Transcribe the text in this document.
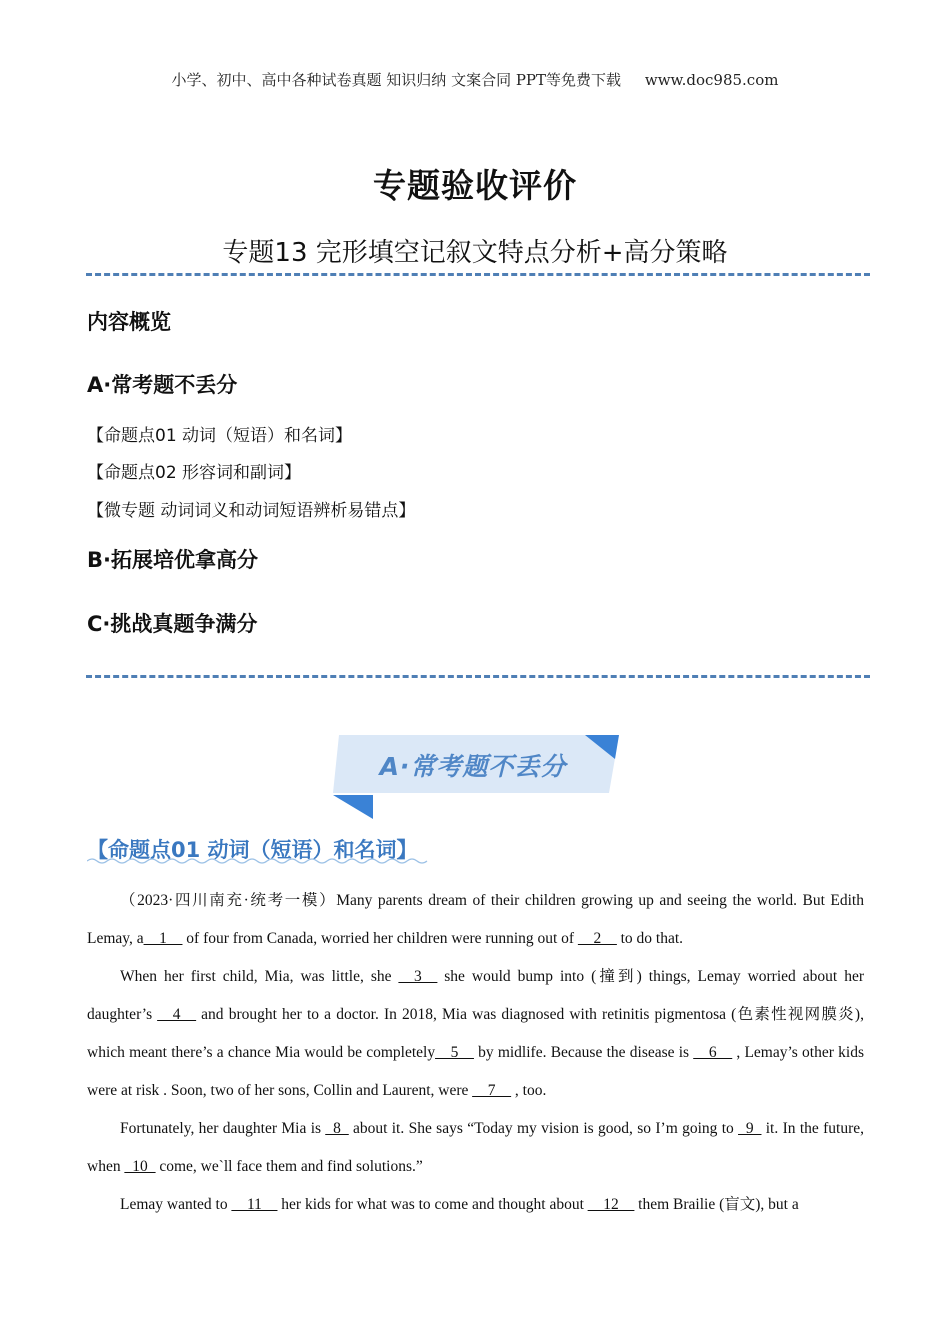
小学、初中、高中各种试卷真题 知识归纳 文案合同 PPT等免费下载     www.doc985.com
专题验收评价
专题13 完形填空记叙文特点分析+高分策略
内容概览
A·常考题不丢分
【命题点01 动词（短语）和名词】
【命题点02 形容词和副词】
【微专题 动词词义和动词短语辨析易错点】
B·拓展培优拿高分
C·挑战真题争满分
A·常考题不丢分
【命题点01 动词（短语）和名词】

（2023·四川南充·统考一模）Many parents dream of their children growing up and seeing the world. But Edith Lemay, a__1__ of four from Canada, worried her children were running out of __2__ to do that.

When her first child, Mia, was little, she __3__ she would bump into (撞到) things, Lemay worried about her daughter’s __4__ and brought her to a doctor. In 2018, Mia was diagnosed with retinitis pigmentosa (色素性视网膜炎), which meant there’s a chance Mia would be completely__5__ by midlife. Because the disease is __6__ , Lemay’s other kids were at risk . Soon, two of her sons, Collin and Laurent, were __7__ , too.

Fortunately, her daughter Mia is _8_ about it. She says “Today my vision is good, so I’m going to _9_ it. In the future, when _10_ come, we`ll face them and find solutions.”

Lemay wanted to __11__ her kids for what was to come and thought about __12__ them Brailie (盲文), but a
